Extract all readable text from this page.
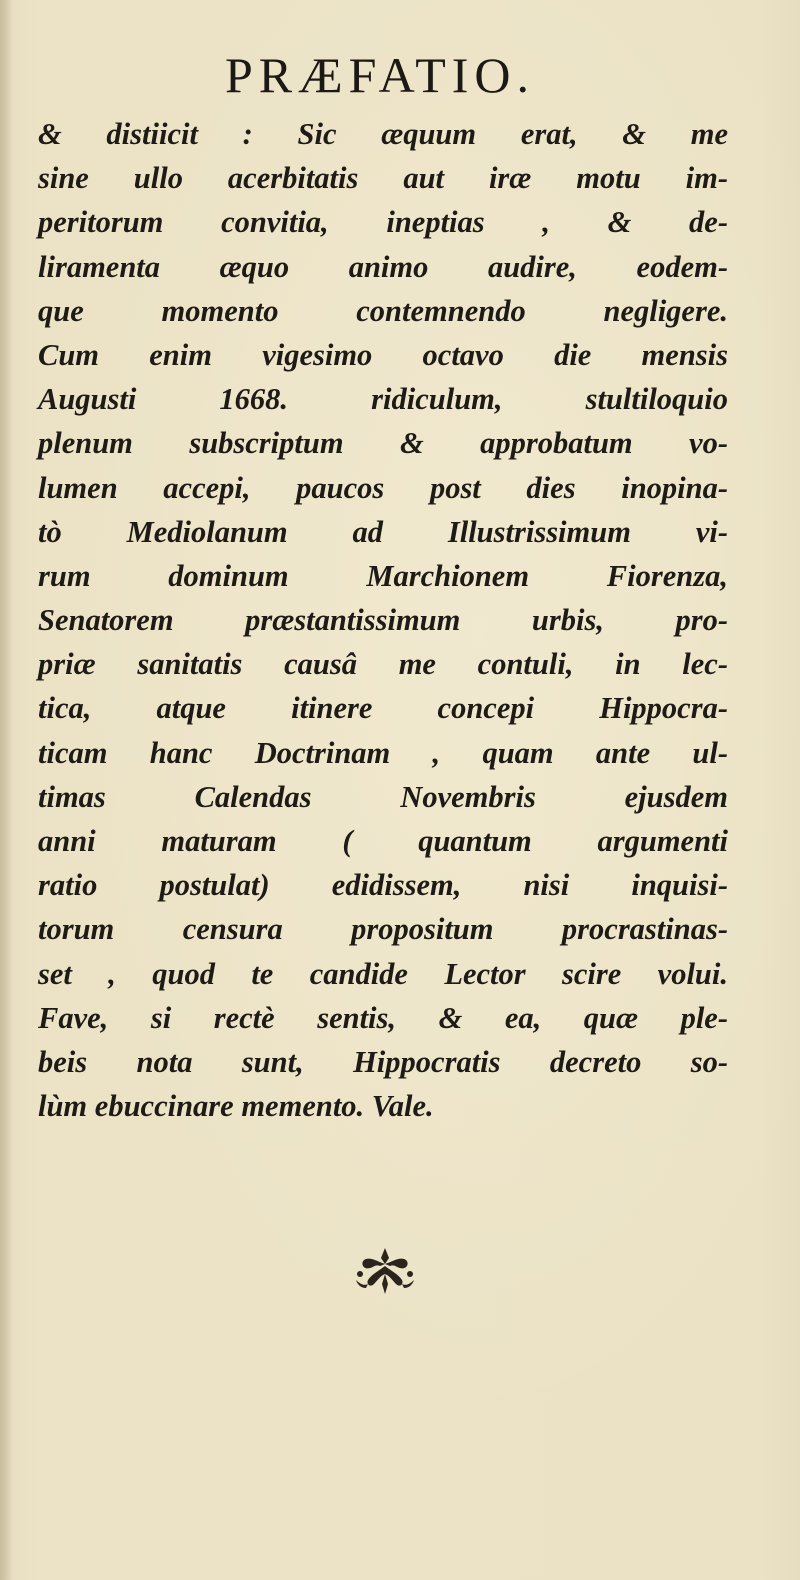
PRÆFATIO.
& distiicit : Sic æquum erat, & me
sine ullo acerbitatis aut iræ motu im-
peritorum convitia, ineptias , & de-
liramenta æquo animo audire, eodem-
que momento contemnendo negligere.
Cum enim vigesimo octavo die mensis
Augusti 1668. ridiculum, stultiloquio
plenum subscriptum & approbatum vo-
lumen accepi, paucos post dies inopina-
tò Mediolanum ad Illustrissimum vi-
rum dominum Marchionem Fiorenza,
Senatorem præstantissimum urbis, pro-
priæ sanitatis causâ me contuli, in lec-
tica, atque itinere concepi Hippocra-
ticam hanc Doctrinam , quam ante ul-
timas Calendas Novembris ejusdem
anni maturam ( quantum argumenti
ratio postulat) edidissem, nisi inquisi-
torum censura propositum procrastinas-
set , quod te candide Lector scire volui.
Fave, si rectè sentis, & ea, quæ ple-
beis nota sunt, Hippocratis decreto so-
lùm ebuccinare memento. Vale.
